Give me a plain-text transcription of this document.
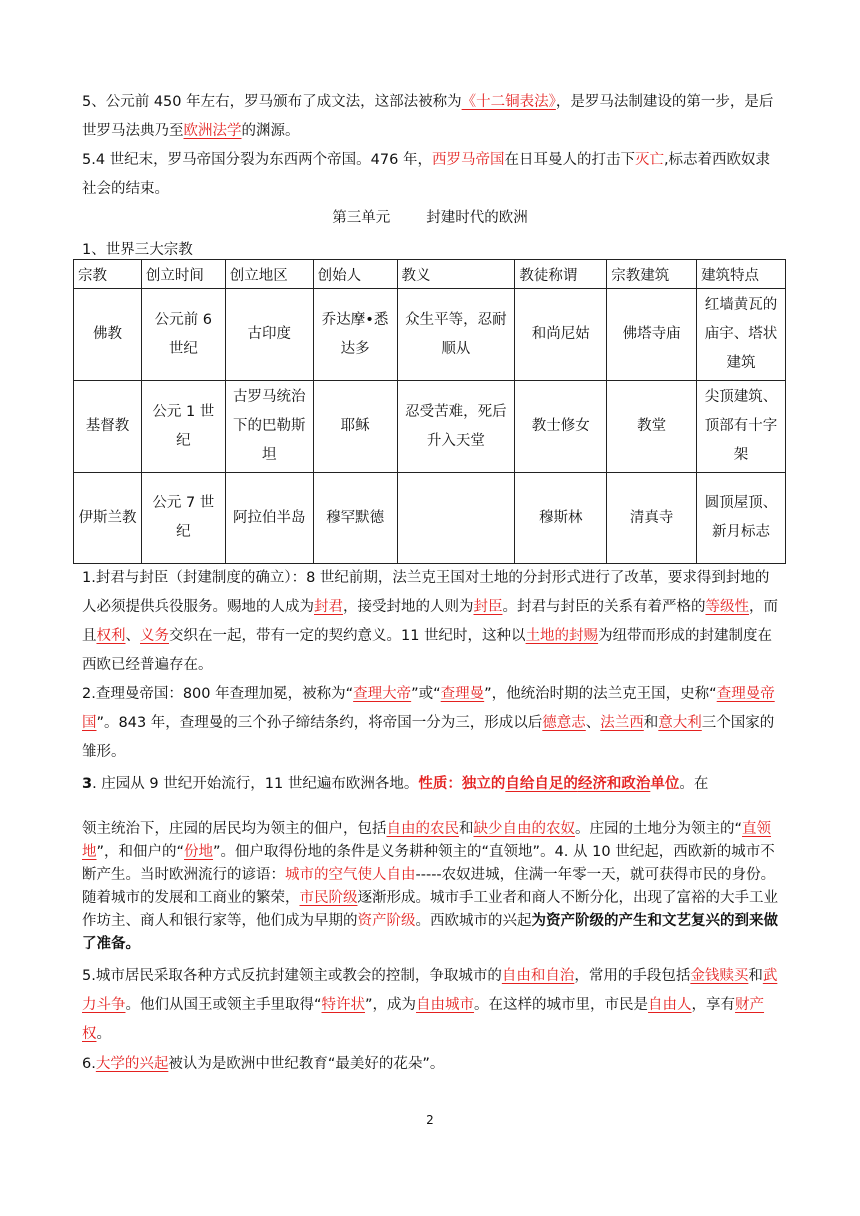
5、公元前 450 年左右，罗马颁布了成文法，这部法被称为《十二铜表法》，是罗马法制建设的第一步，是后世罗马法典乃至欧洲法学的渊源。

5.4 世纪末，罗马帝国分裂为东西两个帝国。476 年，西罗马帝国在日耳曼人的打击下灭亡,标志着西欧奴隶社会的结束。

第三单元 封建时代的欧洲
1、世界三大宗教
宗教	创立时间	创立地区	创始人	教义	教徒称谓	宗教建筑	建筑特点
佛教	公元前 6 世纪	古印度	乔达摩•悉达多	众生平等，忍耐顺从	和尚尼姑	佛塔寺庙	红墙黄瓦的庙宇、塔状建筑
基督教	公元 1 世纪	古罗马统治下的巴勒斯坦	耶稣	忍受苦难，死后升入天堂	教士修女	教堂	尖顶建筑、顶部有十字架
伊斯兰教	公元 7 世纪	阿拉伯半岛	穆罕默德		穆斯林	清真寺	圆顶屋顶、新月标志

1.封君与封臣（封建制度的确立）：8 世纪前期，法兰克王国对土地的分封形式进行了改革，要求得到封地的人必须提供兵役服务。赐地的人成为封君，接受封地的人则为封臣。封君与封臣的关系有着严格的等级性，而且权利、义务交织在一起，带有一定的契约意义。11 世纪时，这种以土地的封赐为纽带而形成的封建制度在西欧已经普遍存在。

2.查理曼帝国：800 年查理加冕，被称为“查理大帝”或“查理曼”，他统治时期的法兰克王国，史称“查理曼帝国”。843 年，查理曼的三个孙子缔结条约，将帝国一分为三，形成以后德意志、法兰西和意大利三个国家的雏形。

3. 庄园从 9 世纪开始流行，11 世纪遍布欧洲各地。性质：独立的自给自足的经济和政治单位。在

领主统治下，庄园的居民均为领主的佃户，包括自由的农民和缺少自由的农奴。庄园的土地分为领主的“直领地”，和佃户的“份地”。佃户取得份地的条件是义务耕种领主的“直领地”。4. 从 10 世纪起，西欧新的城市不断产生。当时欧洲流行的谚语：城市的空气使人自由-----农奴进城，住满一年零一天，就可获得市民的身份。随着城市的发展和工商业的繁荣，市民阶级逐渐形成。城市手工业者和商人不断分化，出现了富裕的大手工业作坊主、商人和银行家等，他们成为早期的资产阶级。西欧城市的兴起为资产阶级的产生和文艺复兴的到来做了准备。

5.城市居民采取各种方式反抗封建领主或教会的控制，争取城市的自由和自治，常用的手段包括金钱赎买和武力斗争。他们从国王或领主手里取得“特许状”，成为自由城市。在这样的城市里，市民是自由人，享有财产权。

6.大学的兴起被认为是欧洲中世纪教育“最美好的花朵”。

2
